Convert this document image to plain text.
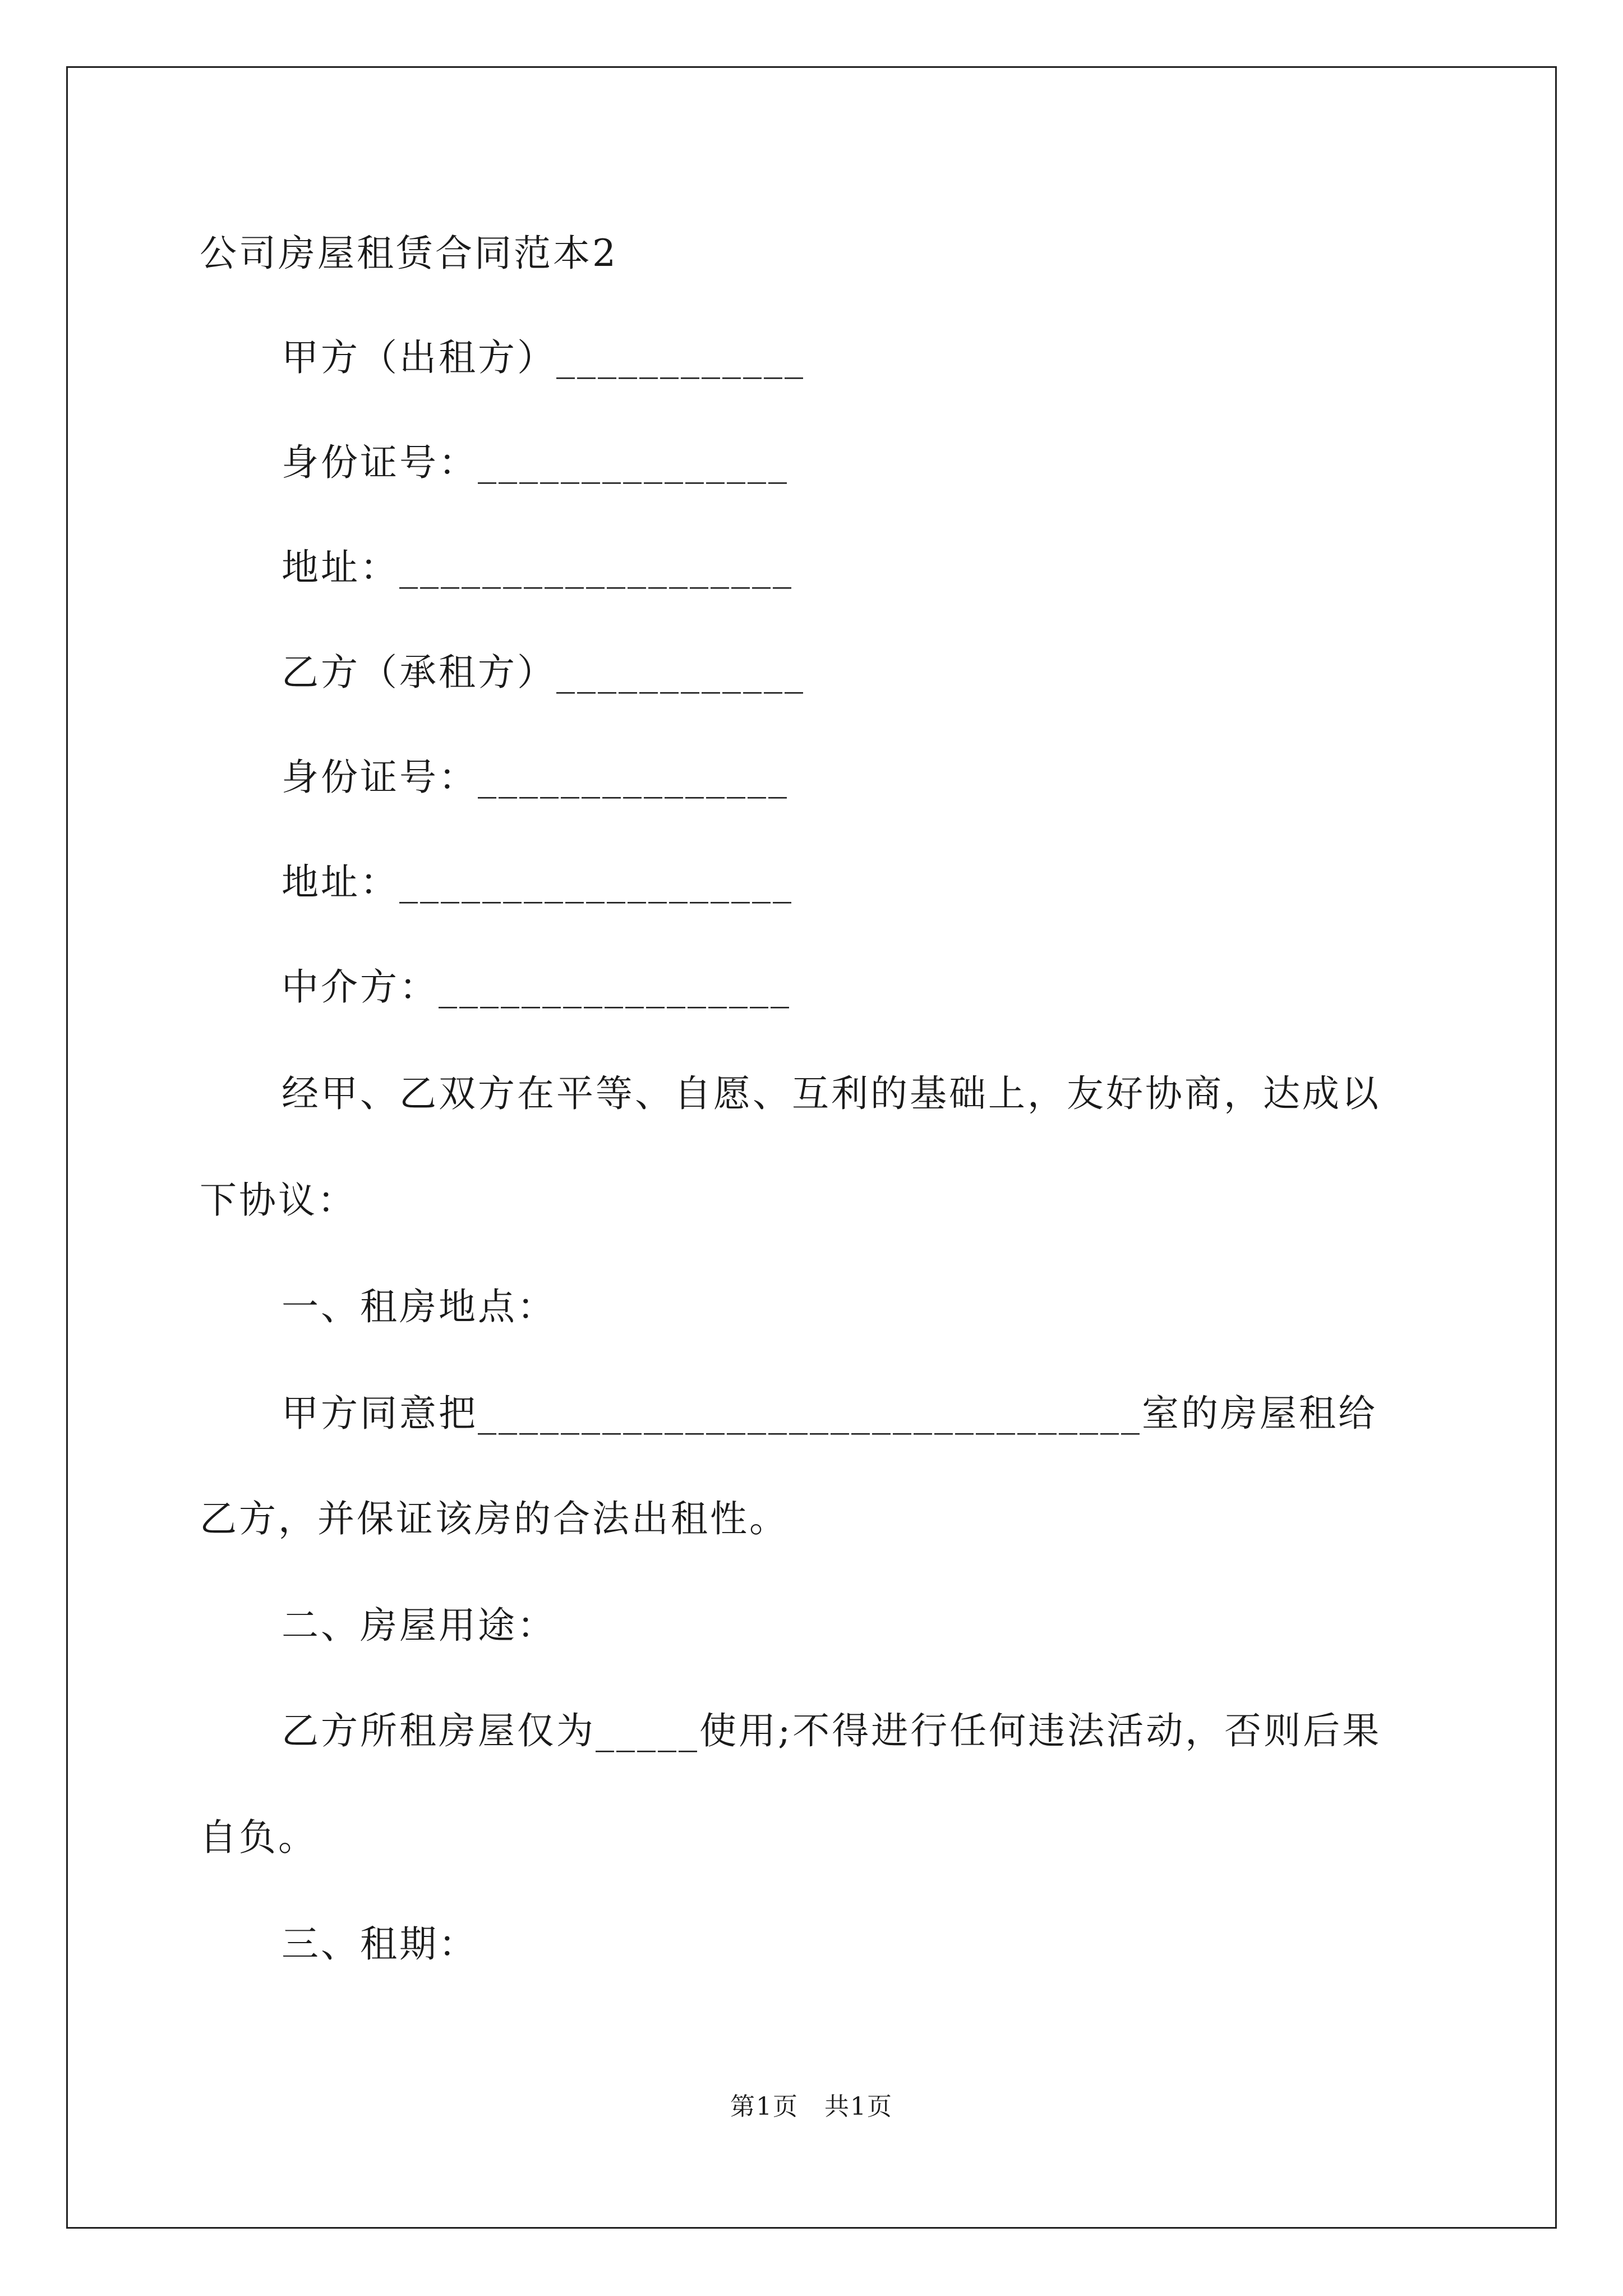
公司房屋租赁合同范本2
甲方（出租方）____________
身份证号：_______________
地址：___________________
乙方（承租方）____________
身份证号：_______________
地址：___________________
中介方：_________________
经甲、乙双方在平等、自愿、互利的基础上，友好协商，达成以
下协议：
一、租房地点：
甲方同意把________________________________室的房屋租给
乙方，并保证该房的合法出租性。
二、房屋用途：
乙方所租房屋仅为_____使用;不得进行任何违法活动，否则后果
自负。
三、租期：
第1页　共1页
